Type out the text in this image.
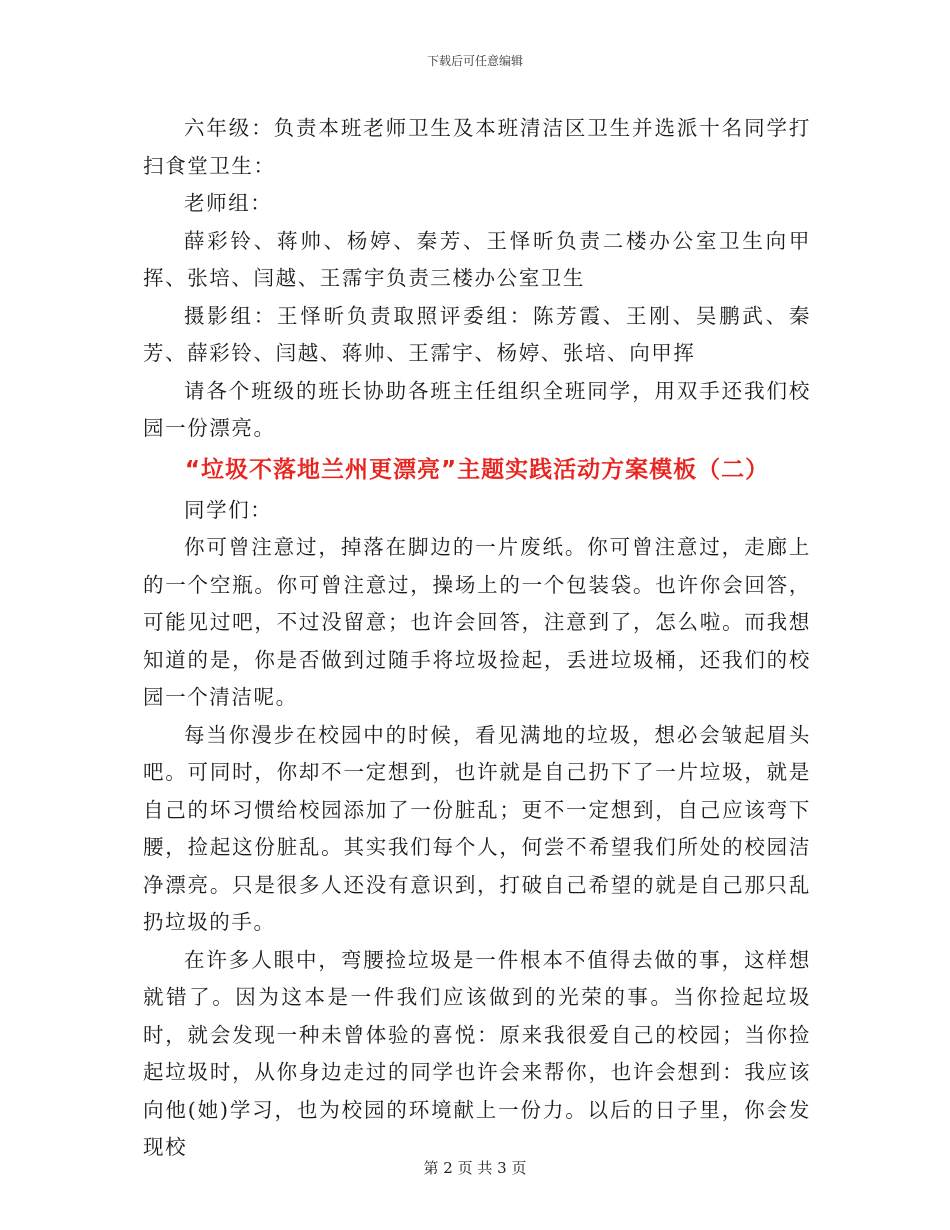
下载后可任意编辑

六年级：负责本班老师卫生及本班清洁区卫生并选派十名同学打扫食堂卫生：

老师组：

薛彩铃、蒋帅、杨婷、秦芳、王怿昕负责二楼办公室卫生向甲挥、张培、闫越、王霈宇负责三楼办公室卫生

摄影组：王怿昕负责取照评委组：陈芳霞、王刚、吴鹏武、秦芳、薛彩铃、闫越、蒋帅、王霈宇、杨婷、张培、向甲挥

请各个班级的班长协助各班主任组织全班同学，用双手还我们校园一份漂亮。

“垃圾不落地兰州更漂亮”主题实践活动方案模板（二）

同学们：

你可曾注意过，掉落在脚边的一片废纸。你可曾注意过，走廊上的一个空瓶。你可曾注意过，操场上的一个包装袋。也许你会回答，可能见过吧，不过没留意；也许会回答，注意到了，怎么啦。而我想知道的是，你是否做到过随手将垃圾捡起，丢进垃圾桶，还我们的校园一个清洁呢。

每当你漫步在校园中的时候，看见满地的垃圾，想必会皱起眉头吧。可同时，你却不一定想到，也许就是自己扔下了一片垃圾，就是自己的坏习惯给校园添加了一份脏乱；更不一定想到，自己应该弯下腰，捡起这份脏乱。其实我们每个人，何尝不希望我们所处的校园洁净漂亮。只是很多人还没有意识到，打破自己希望的就是自己那只乱扔垃圾的手。

在许多人眼中，弯腰捡垃圾是一件根本不值得去做的事，这样想就错了。因为这本是一件我们应该做到的光荣的事。当你捡起垃圾时，就会发现一种未曾体验的喜悦：原来我很爱自己的校园；当你捡起垃圾时，从你身边走过的同学也许会来帮你，也许会想到：我应该向他(她)学习，也为校园的环境献上一份力。以后的日子里，你会发现校

第 2 页 共 3 页
